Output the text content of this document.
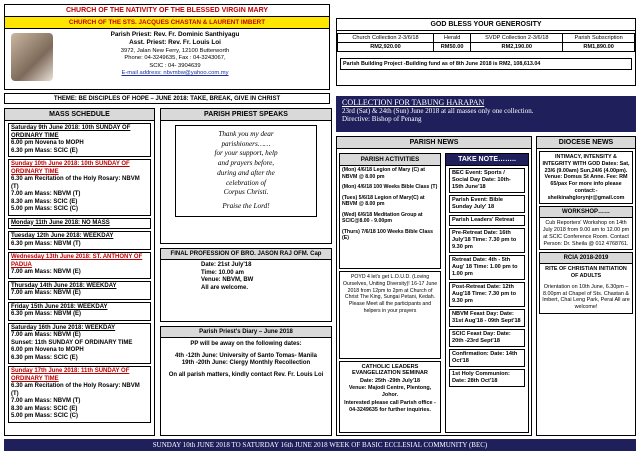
CHURCH OF THE NATIVITY OF THE BLESSED VIRGIN MARY
CHURCH OF THE STS. JACQUES CHASTAN & LAURENT IMBERT
Parish Priest: Rev. Fr. Dominic Santhiyagu
Asst. Priest: Rev. Fr. Louis Loi
3972, Jalan New Ferry, 12100 Butterworth
Phone: 04-3249635, Fax : 04-3243067,
SCIC : 04- 3904639
E-mail address: nbvmbw@yahoo.com.my
THEME: BE DISCIPLES OF HOPE – JUNE 2018: TAKE, BREAK, GIVE IN CHRIST
GOD BLESS YOUR GENEROSITY
Church Collection 2-3/6/18	Herald	SVDP Collection 2-3/6/18	Parish Subscription
RM2,920.00	RM50.00	RM2,190.00	RM1,890.00
Parish Building Project -Building fund as of 8th June 2018 is RM2, 108,613.04
COLLECTION FOR TABUNG HARAPAN
23rd (Sat) & 24th (Sun) June 2018 at all masses only one collection.
Directive: Bishop of Penang
MASS SCHEDULE
Saturday 9th June 2018: 10th SUNDAY OF ORDINARY TIME
6.00 pm Novena to MOPH
6.30 pm Mass: SCIC (E)
Sunday 10th June 2018: 10th SUNDAY OF ORDINARY TIME
6.30 am Recitation of the Holy Rosary: NBVM (T)
7.00 am Mass: NBVM (T)
8.30 am Mass: SCIC (E)
5.00 pm Mass: SCIC (C)
Monday 11th June 2018: NO MASS
Tuesday 12th June 2018: WEEKDAY
6.30 pm Mass: NBVM (T)
Wednesday 13th June 2018: ST. ANTHONY OF PADUA
7.00 am Mass: NBVM (E)
Thursday 14th June 2018: WEEKDAY
7.00 am Mass: NBVM (E)
Friday 15th June 2018: WEEKDAY
6.30 pm Mass: NBVM (E)
Saturday 16th June 2018: WEEKDAY
7.00 am Mass: NBVM (E)
Sunset: 11th SUNDAY OF ORDINARY TIME
6.00 pm Novena to MOPH
6.30 pm Mass: SCIC (E)
Sunday 17th June 2018: 11th SUNDAY OF ORDINARY TIME
6.30 am Recitation of the Holy Rosary: NBVM (T)
7.00 am Mass: NBVM (T)
8.30 am Mass: SCIC (E)
5.00 pm Mass: SCIC (C)
PARISH PRIEST SPEAKS
Thank you my dear
parishioners……
for your support, help
and prayers before,
during and after the
celebration of
Corpus Christi.
Praise the Lord!
FINAL PROFESSION OF BRO. JASON RAJ OFM. Cap
Date: 21st July'18
Time: 10.00 am
Venue: NBVM, BW
All are welcome.
Parish Priest's Diary – June 2018
PP will be away on the following dates:
4th -12th June: University of Santo Tomas- Manila
19th -20th June: Clergy Monthly Recollection
On all parish matters, kindly contact Rev. Fr. Louis Loi
PARISH NEWS
PARISH ACTIVITIES
(Mon) 4/6/18 Legion of Mary (C) at NBVM @ 8.00 pm
(Mon) 4/6/18 100 Weeks Bible Class (T)
(Tues) 5/6/18 Legion of Mary(C) at NBVM @ 8.00 pm
(Wed) 6/6/18 Meditation Group at SCIC@8.00 - 9.00pm
(Thurs) 7/6/18 100 Weeks Bible Class (E)
POYD 4 let's get L.O.U.D. (Loving Ourselves, Uniting Diversity)! 16-17 June 2018 from 12pm to 2pm at Church of Christ The King, Sungai Petani, Kedah. Please Meet all the participants and helpers in your prayers
CATHOLIC LEADERS EVANGELIZATION SEMINAR
Date: 25th -29th July'18
Venue: Majodi Centre, Plentong, Johor.
Interested please call Parish office - 04-3249635 for further inquiries.
TAKE NOTE……..
BEC Event: Sports / Social Day Date: 10th-15th June'18
Parish Event: Bible Sunday July' 18
Parish Leaders' Retreat
Pre-Retreat Date: 16th July'18 Time: 7.30 pm to 9.30 pm
Retreat Date: 4th - 5th Aug' 18 Time: 1.00 pm to 1.00 pm
Post-Retreat Date: 12th Aug'18 Time: 7.30 pm to 9.30 pm
NBVM Feast Day: Date: 31st Aug'18 - 09th Sept'18
SCIC Feast Day: Date: 20th -23rd Sept'18
Confirmation: Date: 14th Oct'18
1st Holy Communion: Date: 28th Oct'18
DIOCESE NEWS
INTIMACY, INTENSITY & INTEGRITY WITH GOD Dates: Sat, 23/6 (9.00am) Sun,24/6 (4.00pm). Venue: Domus St Anne. Fee: RM 65/pax For more info please contact:- sheikinahglorynjr@gmail.com
WORKSHOP……
Cub Reporters' Workshop on 14th July 2018 from 9.00 am to 12.00 pm at SCIC Conference Room. Contact Person: Dr. Sheila @ 012 4768761.
RCIA 2018-2019
RITE OF CHRISTIAN INITIATION OF ADULTS
Orientation on 10th June, 6.30pm – 8.00pm at Chapel of Sts. Chastan & Imbert, Chai Leng Park, Perai All are welcome!
SUNDAY 10th JUNE 2018 TO SATURDAY 16th JUNE 2018 WEEK OF BASIC ECCLESIAL COMMUNITY (BEC)
